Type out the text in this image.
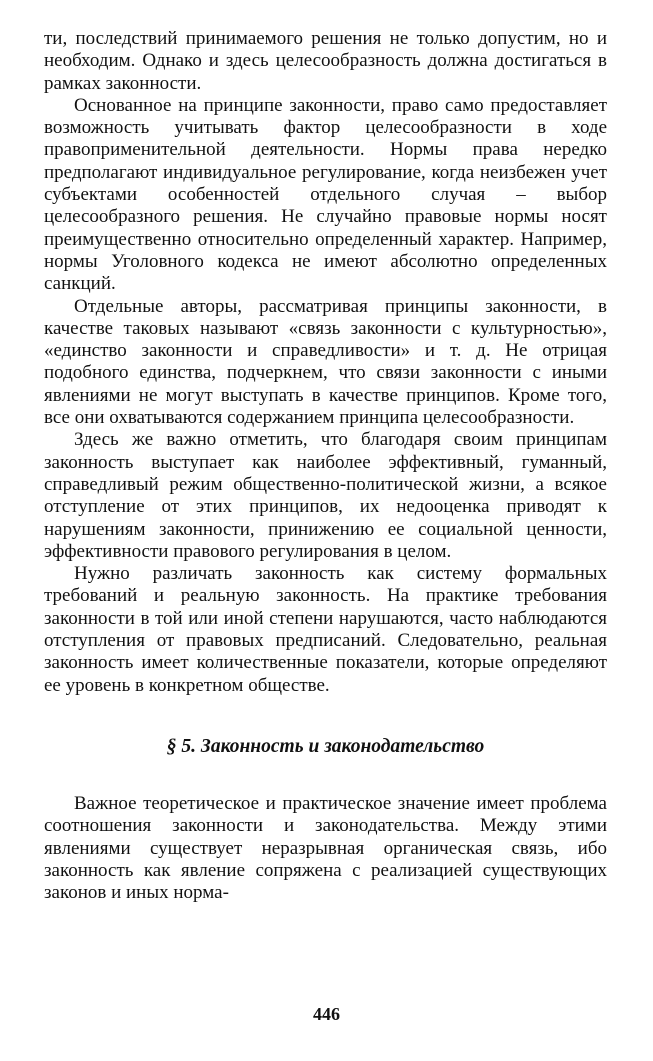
ти, последствий принимаемого решения не только допустим, но и необходим. Однако и здесь целесообразность должна достигаться в рамках законности.

Основанное на принципе законности, право само предоставляет возможность учитывать фактор целесообразности в ходе правоприменительной деятельности. Нормы права нередко предполагают индивидуальное регулирование, когда неизбежен учет субъектами особенностей отдельного случая – выбор целесообразного решения. Не случайно правовые нормы носят преимущественно относительно определенный характер. Например, нормы Уголовного кодекса не имеют абсолютно определенных санкций.

Отдельные авторы, рассматривая принципы законности, в качестве таковых называют «связь законности с культурностью», «единство законности и справедливости» и т. д. Не отрицая подобного единства, подчеркнем, что связи законности с иными явлениями не могут выступать в качестве принципов. Кроме того, все они охватываются содержанием принципа целесообразности.

Здесь же важно отметить, что благодаря своим принципам законность выступает как наиболее эффективный, гуманный, справедливый режим общественно-политической жизни, а всякое отступление от этих принципов, их недооценка приводят к нарушениям законности, принижению ее социальной ценности, эффективности правового регулирования в целом.

Нужно различать законность как систему формальных требований и реальную законность. На практике требования законности в той или иной степени нарушаются, часто наблюдаются отступления от правовых предписаний. Следовательно, реальная законность имеет количественные показатели, которые определяют ее уровень в конкретном обществе.

§ 5. Законность и законодательство

Важное теоретическое и практическое значение имеет проблема соотношения законности и законодательства. Между этими явлениями существует неразрывная органическая связь, ибо законность как явление сопряжена с реализацией существующих законов и иных норма-

446
